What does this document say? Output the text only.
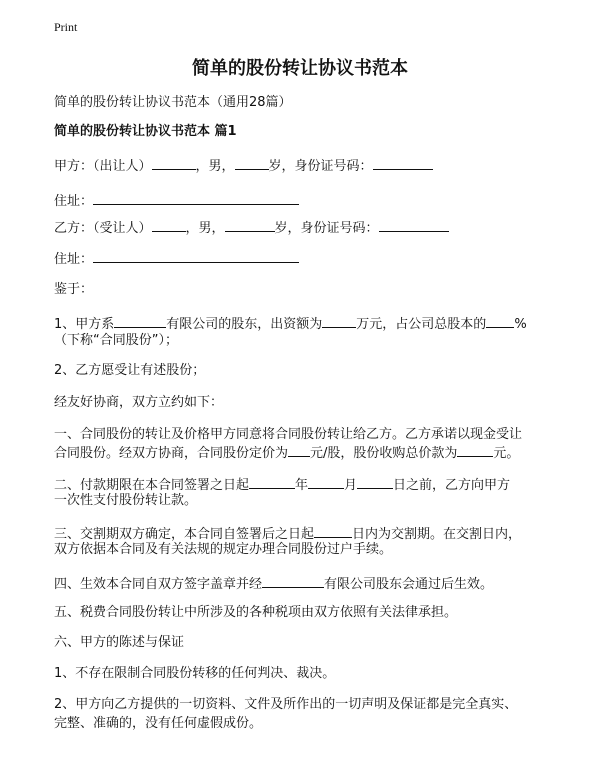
Print
简单的股份转让协议书范本
简单的股份转让协议书范本（通用28篇）
简单的股份转让协议书范本 篇1
甲方：（出让人）	，男，	岁，身份证号码：
住址：
乙方：（受让人）	，男，	岁，身份证号码：
住址：
鉴于：
1、甲方系	有限公司的股东，出资额为	万元，占公司总股本的 %
（下称“合同股份”）；
2、乙方愿受让有述股份；
经友好协商，双方立约如下：
一、合同股份的转让及价格甲方同意将合同股份转让给乙方。乙方承诺以现金受让
合同股份。经双方协商，合同股份定价为 元/股，股份收购总价款为	元。
二、付款期限在本合同签署之日起	年	月	日之前，乙方向甲方
一次性支付股份转让款。
三、交割期双方确定，本合同自签署后之日起	日内为交割期。在交割日内，
双方依据本合同及有关法规的规定办理合同股份过户手续。
四、生效本合同自双方签字盖章并经	有限公司股东会通过后生效。
五、税费合同股份转让中所涉及的各种税项由双方依照有关法律承担。
六、甲方的陈述与保证
1、不存在限制合同股份转移的任何判决、裁决。
2、甲方向乙方提供的一切资料、文件及所作出的一切声明及保证都是完全真实、
完整、准确的，没有任何虚假成份。
